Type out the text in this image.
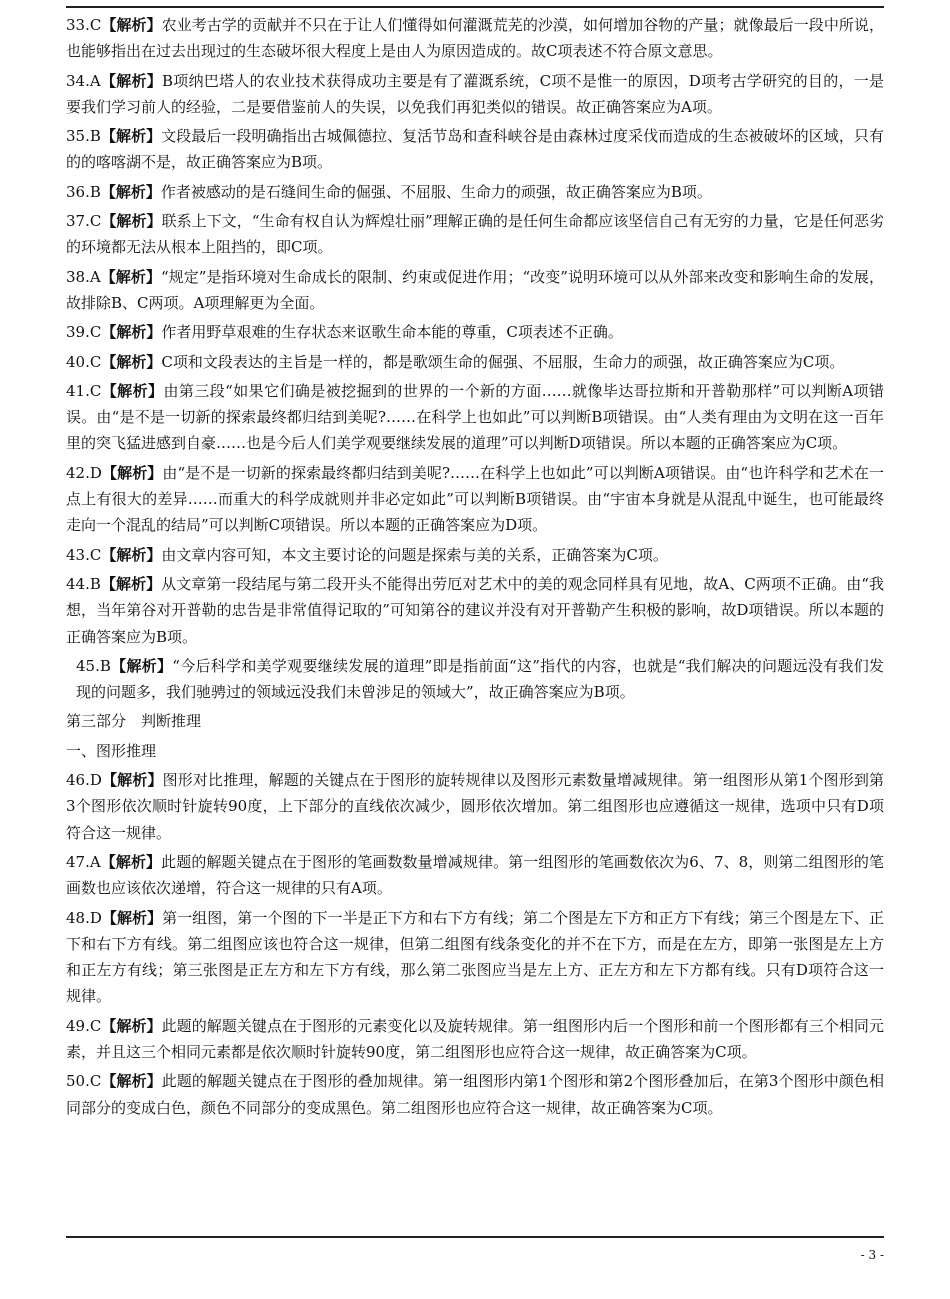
33.C【解析】农业考古学的贡献并不只在于让人们懂得如何灌溉荒芜的沙漠，如何增加谷物的产量；就像最后一段中所说，也能够指出在过去出现过的生态破坏很大程度上是由人为原因造成的。故C项表述不符合原文意思。
34.A【解析】B项纳巴塔人的农业技术获得成功主要是有了灌溉系统，C项不是惟一的原因，D项考古学研究的目的，一是要我们学习前人的经验，二是要借鉴前人的失误，以免我们再犯类似的错误。故正确答案应为A项。
35.B【解析】文段最后一段明确指出古城佩德拉、复活节岛和查科峡谷是由森林过度采伐而造成的生态被破坏的区域，只有的的喀喀湖不是，故正确答案应为B项。
36.B【解析】作者被感动的是石缝间生命的倔强、不屈服、生命力的顽强，故正确答案应为B项。
37.C【解析】联系上下文，“生命有权自认为辉煌壮丽”理解正确的是任何生命都应该坚信自己有无穷的力量，它是任何恶劣的环境都无法从根本上阻挡的，即C项。
38.A【解析】“规定”是指环境对生命成长的限制、约束或促进作用；“改变”说明环境可以从外部来改变和影响生命的发展，故排除B、C两项。A项理解更为全面。
39.C【解析】作者用野草艰难的生存状态来讴歌生命本能的尊重，C项表述不正确。
40.C【解析】C项和文段表达的主旨是一样的，都是歌颂生命的倔强、不屈服，生命力的顽强，故正确答案应为C项。
41.C【解析】由第三段“如果它们确是被挖掘到的世界的一个新的方面……就像毕达哥拉斯和开普勒那样”可以判断A项错误。由“是不是一切新的探索最终都归结到美呢?……在科学上也如此”可以判断B项错误。由“人类有理由为文明在这一百年里的突飞猛进感到自豪……也是今后人们美学观要继续发展的道理”可以判断D项错误。所以本题的正确答案应为C项。
42.D【解析】由“是不是一切新的探索最终都归结到美呢?……在科学上也如此”可以判断A项错误。由“也许科学和艺术在一点上有很大的差异……而重大的科学成就则并非必定如此”可以判断B项错误。由“宇宙本身就是从混乱中诞生，也可能最终走向一个混乱的结局”可以判断C项错误。所以本题的正确答案应为D项。
43.C【解析】由文章内容可知，本文主要讨论的问题是探索与美的关系，正确答案为C项。
44.B【解析】从文章第一段结尾与第二段开头不能得出劳厄对艺术中的美的观念同样具有见地，故A、C两项不正确。由“我想，当年第谷对开普勒的忠告是非常值得记取的”可知第谷的建议并没有对开普勒产生积极的影响，故D项错误。所以本题的正确答案应为B项。
45.B【解析】“今后科学和美学观要继续发展的道理”即是指前面“这”指代的内容，也就是“我们解决的问题远没有我们发现的问题多，我们驰骋过的领域远没我们未曾涉足的领域大”，故正确答案应为B项。
第三部分　判断推理
一、图形推理
46.D【解析】图形对比推理，解题的关键点在于图形的旋转规律以及图形元素数量增减规律。第一组图形从第1个图形到第3个图形依次顺时针旋转90度，上下部分的直线依次减少，圆形依次增加。第二组图形也应遵循这一规律，选项中只有D项符合这一规律。
47.A【解析】此题的解题关键点在于图形的笔画数数量增减规律。第一组图形的笔画数依次为6、7、8，则第二组图形的笔画数也应该依次递增，符合这一规律的只有A项。
48.D【解析】第一组图，第一个图的下一半是正下方和右下方有线；第二个图是左下方和正方下有线；第三个图是左下、正下和右下方有线。第二组图应该也符合这一规律，但第二组图有线条变化的并不在下方，而是在左方，即第一张图是左上方和正左方有线；第三张图是正左方和左下方有线，那么第二张图应当是左上方、正左方和左下方都有线。只有D项符合这一规律。
49.C【解析】此题的解题关键点在于图形的元素变化以及旋转规律。第一组图形内后一个图形和前一个图形都有三个相同元素，并且这三个相同元素都是依次顺时针旋转90度，第二组图形也应符合这一规律，故正确答案为C项。
50.C【解析】此题的解题关键点在于图形的叠加规律。第一组图形内第1个图形和第2个图形叠加后，在第3个图形中颜色相同部分的变成白色，颜色不同部分的变成黑色。第二组图形也应符合这一规律，故正确答案为C项。
- 3 -
